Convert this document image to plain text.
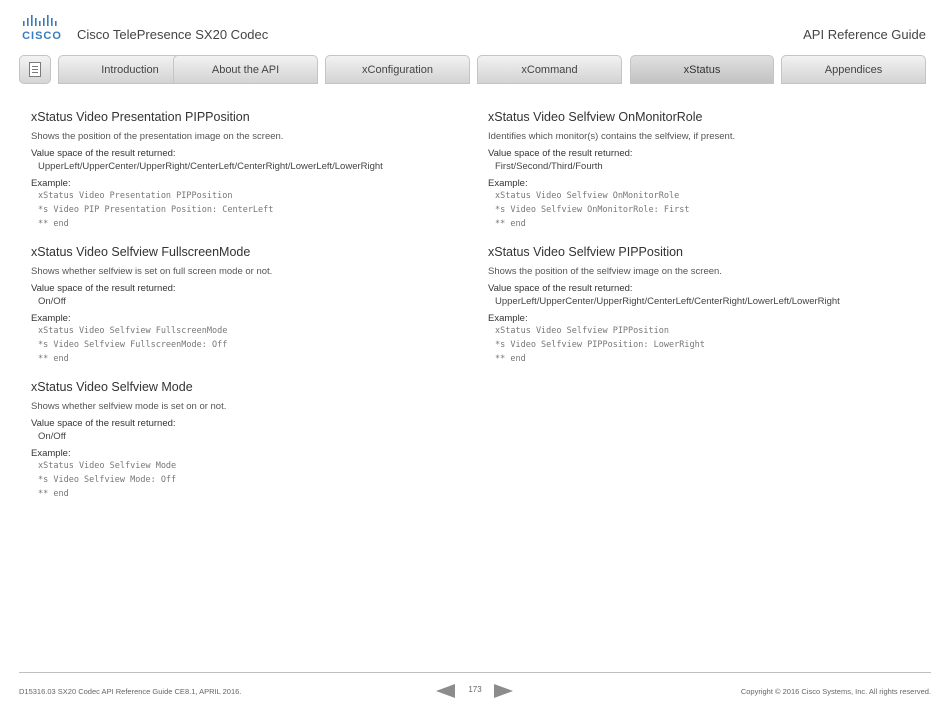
CISCO Cisco TelePresence SX20 Codec	API Reference Guide
Introduction	About the API	xConfiguration	xCommand	xStatus	Appendices
xStatus Video Presentation PIPPosition
Shows the position of the presentation image on the screen.
Value space of the result returned:
UpperLeft/UpperCenter/UpperRight/CenterLeft/CenterRight/LowerLeft/LowerRight
Example:
xStatus Video Presentation PIPPosition
*s Video PIP Presentation Position: CenterLeft
** end
xStatus Video Selfview FullscreenMode
Shows whether selfview is set on full screen mode or not.
Value space of the result returned:
On/Off
Example:
xStatus Video Selfview FullscreenMode
*s Video Selfview FullscreenMode: Off
** end
xStatus Video Selfview Mode
Shows whether selfview mode is set on or not.
Value space of the result returned:
On/Off
Example:
xStatus Video Selfview Mode
*s Video Selfview Mode: Off
** end
xStatus Video Selfview OnMonitorRole
Identifies which monitor(s) contains the selfview, if present.
Value space of the result returned:
First/Second/Third/Fourth
Example:
xStatus Video Selfview OnMonitorRole
*s Video Selfview OnMonitorRole: First
** end
xStatus Video Selfview PIPPosition
Shows the position of the selfview image on the screen.
Value space of the result returned:
UpperLeft/UpperCenter/UpperRight/CenterLeft/CenterRight/LowerLeft/LowerRight
Example:
xStatus Video Selfview PIPPosition
*s Video Selfview PIPPosition: LowerRight
** end
D15316.03 SX20 Codec API Reference Guide CE8.1, APRIL 2016.	173	Copyright © 2016 Cisco Systems, Inc. All rights reserved.
